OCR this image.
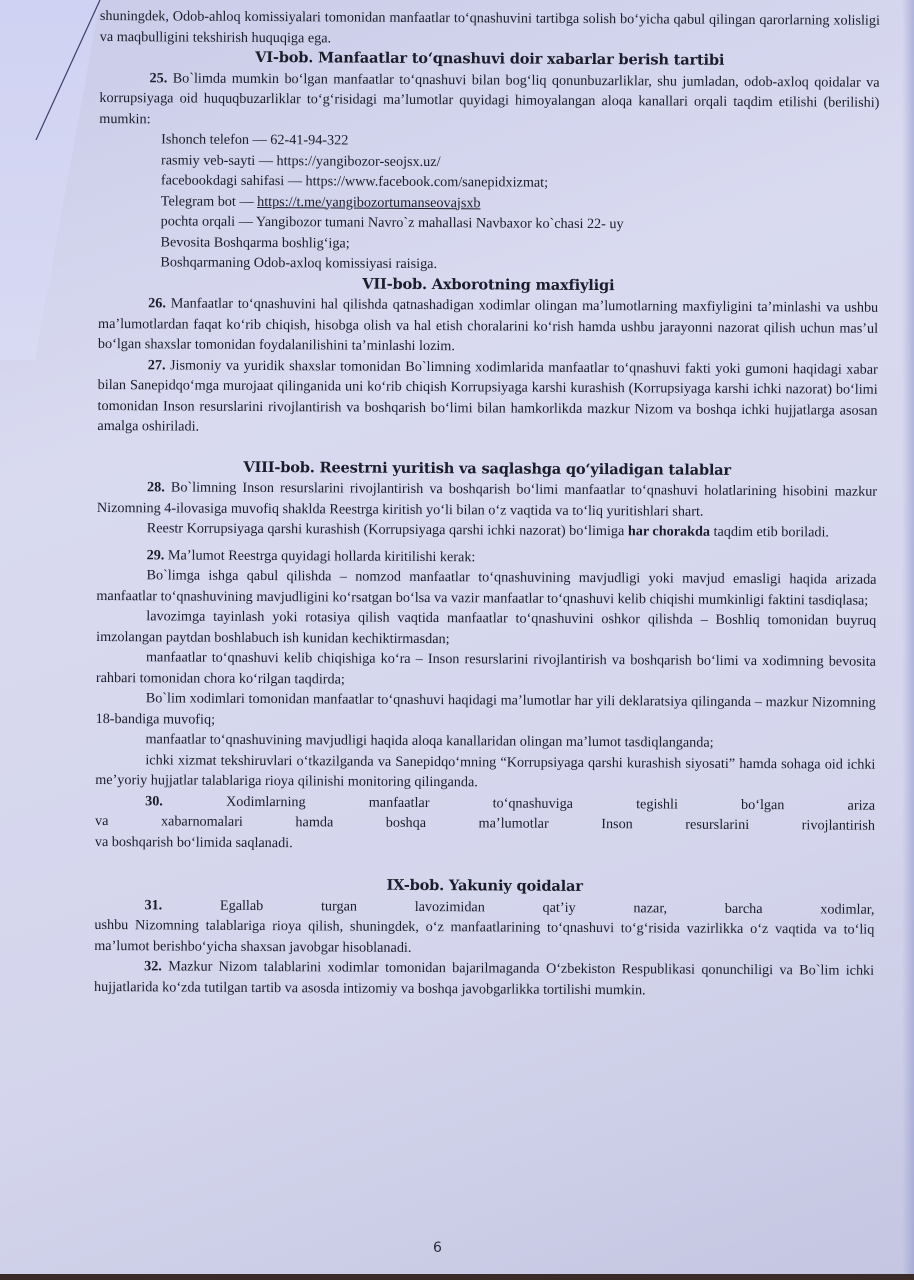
shuningdek, Odob-ahloq komissiyalari tomonidan manfaatlar to‘qnashuvini tartibga solish bo‘yicha qabul qilingan qarorlarning xolisligi va maqbulligini tekshirish huquqiga ega.

VI-bob. Manfaatlar to‘qnashuvi doir xabarlar berish tartibi

25. Bo`limda mumkin bo‘lgan manfaatlar to‘qnashuvi bilan bog‘liq qonunbuzarliklar, shu jumladan, odob-axloq qoidalar va korrupsiyaga oid huquqbuzarliklar to‘g‘risidagi ma’lumotlar quyidagi himoyalangan aloqa kanallari orqali taqdim etilishi (berilishi) mumkin:

Ishonch telefon — 62-41-94-322

rasmiy veb-sayti — https://yangibozor-seojsx.uz/

facebookdagi sahifasi — https://www.facebook.com/sanepidxizmat;

Telegram bot — https://t.me/yangibozortumanseovajsxb

pochta orqali — Yangibozor tumani Navro`z mahallasi Navbaxor ko`chasi 22- uy

Bevosita Boshqarma boshlig‘iga;

Boshqarmaning Odob-axloq komissiyasi raisiga.

VII-bob. Axborotning maxfiyligi

26. Manfaatlar to‘qnashuvini hal qilishda qatnashadigan xodimlar olingan ma’lumotlarning maxfiyligini ta’minlashi va ushbu ma’lumotlardan faqat ko‘rib chiqish, hisobga olish va hal etish choralarini ko‘rish hamda ushbu jarayonni nazorat qilish uchun mas’ul bo‘lgan shaxslar tomonidan foydalanilishini ta’minlashi lozim.

27. Jismoniy va yuridik shaxslar tomonidan Bo`limning xodimlarida manfaatlar to‘qnashuvi fakti yoki gumoni haqidagi xabar bilan Sanepidqo‘mga murojaat qilinganida uni ko‘rib chiqish Korrupsiyaga karshi kurashish (Korrupsiyaga karshi ichki nazorat) bo‘limi tomonidan Inson resurslarini rivojlantirish va boshqarish bo‘limi bilan hamkorlikda mazkur Nizom va boshqa ichki hujjatlarga asosan amalga oshiriladi.

VIII-bob. Reestrni yuritish va saqlashga qo‘yiladigan talablar

28. Bo`limning Inson resurslarini rivojlantirish va boshqarish bo‘limi manfaatlar to‘qnashuvi holatlarining hisobini mazkur Nizomning 4-ilovasiga muvofiq shaklda Reestrga kiritish yo‘li bilan o‘z vaqtida va to‘liq yuritishlari shart.

Reestr Korrupsiyaga qarshi kurashish (Korrupsiyaga qarshi ichki nazorat) bo‘limiga har chorakda taqdim etib boriladi.

29. Ma’lumot Reestrga quyidagi hollarda kiritilishi kerak:

Bo`limga ishga qabul qilishda – nomzod manfaatlar to‘qnashuvining mavjudligi yoki mavjud emasligi haqida arizada manfaatlar to‘qnashuvining mavjudligini ko‘rsatgan bo‘lsa va vazir manfaatlar to‘qnashuvi kelib chiqishi mumkinligi faktini tasdiqlasa;

lavozimga tayinlash yoki rotasiya qilish vaqtida manfaatlar to‘qnashuvini oshkor qilishda – Boshliq tomonidan buyruq imzolangan paytdan boshlabuch ish kunidan kechiktirmasdan;

manfaatlar to‘qnashuvi kelib chiqishiga ko‘ra – Inson resurslarini rivojlantirish va boshqarish bo‘limi va xodimning bevosita rahbari tomonidan chora ko‘rilgan taqdirda;

Bo`lim xodimlari tomonidan manfaatlar to‘qnashuvi haqidagi ma’lumotlar har yili deklaratsiya qilinganda – mazkur Nizomning 18-bandiga muvofiq;

manfaatlar to‘qnashuvining mavjudligi haqida aloqa kanallaridan olingan ma’lumot tasdiqlanganda;

ichki xizmat tekshiruvlari o‘tkazilganda va Sanepidqo‘mning “Korrupsiyaga qarshi kurashish siyosati” hamda sohaga oid ichki me’yoriy hujjatlar talablariga rioya qilinishi monitoring qilinganda.

30. Xodimlarning manfaatlar to‘qnashuviga tegishli bo‘lgan ariza

va xabarnomalari hamda boshqa ma’lumotlar Inson resurslarini rivojlantirish

va boshqarish bo‘limida saqlanadi.

IX-bob. Yakuniy qoidalar

31. Egallab turgan lavozimidan qat’iy nazar, barcha xodimlar,

ushbu Nizomning talablariga rioya qilish, shuningdek, o‘z manfaatlarining to‘qnashuvi to‘g‘risida vazirlikka o‘z vaqtida va to‘liq ma’lumot berishbo‘yicha shaxsan javobgar hisoblanadi.

32. Mazkur Nizom talablarini xodimlar tomonidan bajarilmaganda O‘zbekiston Respublikasi qonunchiligi va Bo`lim ichki hujjatlarida ko‘zda tutilgan tartib va asosda intizomiy va boshqa javobgarlikka tortilishi mumkin.

6
